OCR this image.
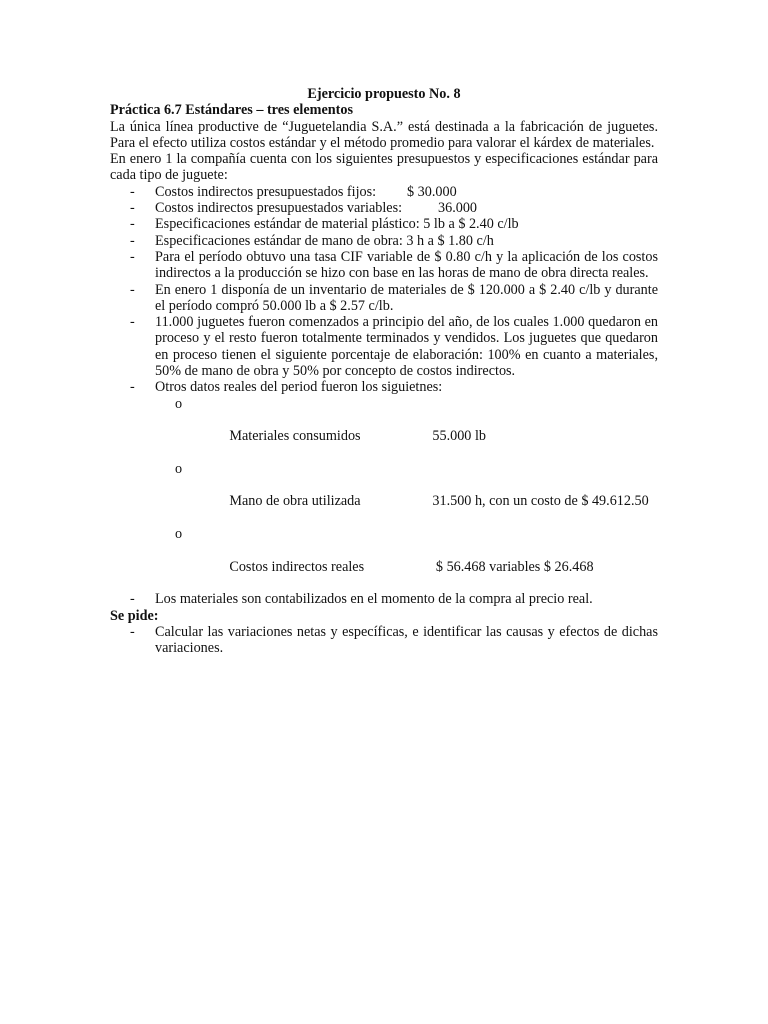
Ejercicio propuesto No. 8
Práctica 6.7 Estándares – tres elementos

La única línea productive de “Juguetelandia S.A.” está destinada a la fabricación de juguetes. Para el efecto utiliza costos estándar y el método promedio para valorar el kárdex de materiales.

En enero 1 la compañía cuenta con los siguientes presupuestos y especificaciones estándar para cada tipo de juguete:

- Costos indirectos presupuestados fijos: $ 30.000
- Costos indirectos presupuestados variables:	36.000
- Especificaciones estándar de material plástico: 5 lb a $ 2.40 c/lb
- Especificaciones estándar de mano de obra: 3 h a $ 1.80 c/h
- Para el período obtuvo una tasa CIF variable de $ 0.80 c/h y la aplicación de los costos indirectos a la producción se hizo con base en las horas de mano de obra directa reales.
- En enero 1 disponía de un inventario de materiales de $ 120.000 a $ 2.40 c/lb y durante el período compró 50.000 lb a $ 2.57 c/lb.
- 11.000 juguetes fueron comenzados a principio del año, de los cuales 1.000 quedaron en proceso y el resto fueron totalmente terminados y vendidos. Los juguetes que quedaron en proceso tienen el siguiente porcentaje de elaboración: 100% en cuanto a materiales, 50% de mano de obra y 50% por concepto de costos indirectos.
- Otros datos reales del period fueron los siguietnes:

o

Materiales consumidos	55.000 lb

o

Mano de obra utilizada	31.500 h, con un costo de $ 49.612.50

o

Costos indirectos reales	$ 56.468 variables $ 26.468

- Los materiales son contabilizados en el momento de la compra al precio real.
Se pide:
- Calcular las variaciones netas y específicas, e identificar las causas y efectos de dichas variaciones.
